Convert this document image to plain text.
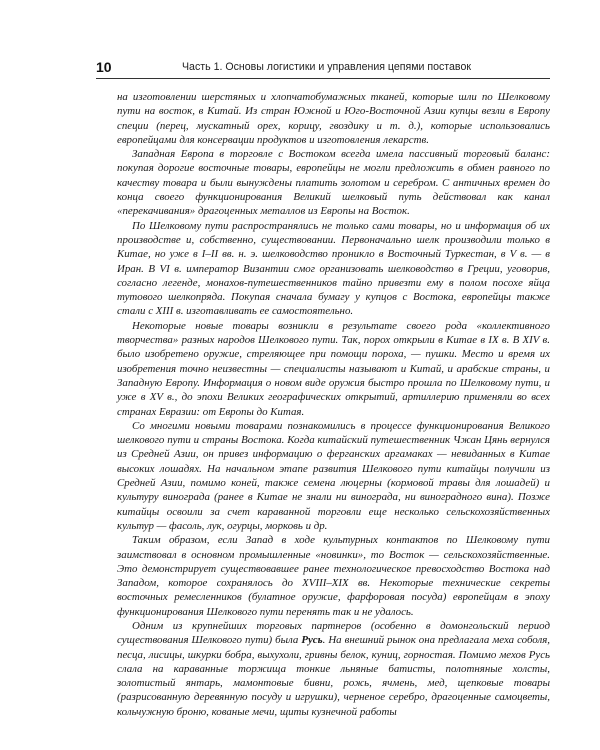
10	Часть 1. Основы логистики и управления цепями поставок

на изготовлении шерстяных и хлопчатобумажных тканей, которые шли по Шелковому пути на восток, в Китай. Из стран Южной и Юго-Восточной Азии купцы везли в Европу специи (перец, мускатный орех, корицу, гвоздику и т. д.), которые использовались европейцами для консервации продуктов и изготовления лекарств.

Западная Европа в торговле с Востоком всегда имела пассивный торговый баланс: покупая дорогие восточные товары, европейцы не могли предложить в обмен равного по качеству товара и были вынуждены платить золотом и серебром. С античных времен до конца своего функционирования Великий шелковый путь действовал как канал «перекачивания» драгоценных металлов из Европы на Восток.

По Шелковому пути распространялись не только сами товары, но и информация об их производстве и, собственно, существовании. Первоначально шелк производили только в Китае, но уже в I–II вв. н. э. шелководство проникло в Восточный Туркестан, в V в. — в Иран. В VI в. император Византии смог организовать шелководство в Греции, уговорив, согласно легенде, монахов-путешественников тайно привезти ему в полом посохе яйца тутового шелкопряда. Покупая сначала бумагу у купцов с Востока, европейцы также стали с XIII в. изготавливать ее самостоятельно.

Некоторые новые товары возникли в результате своего рода «коллективного творчества» разных народов Шелкового пути. Так, порох открыли в Китае в IX в. В XIV в. было изобретено оружие, стреляющее при помощи пороха, — пушки. Место и время их изобретения точно неизвестны — специалисты называют и Китай, и арабские страны, и Западную Европу. Информация о новом виде оружия быстро прошла по Шелковому пути, и уже в XV в., до эпохи Великих географических открытий, артиллерию применяли во всех странах Евразии: от Европы до Китая.

Со многими новыми товарами познакомились в процессе функционирования Великого шелкового пути и страны Востока. Когда китайский путешественник Чжан Цянь вернулся из Средней Азии, он привез информацию о ферганских аргамаках — невиданных в Китае высоких лошадях. На начальном этапе развития Шелкового пути китайцы получили из Средней Азии, помимо коней, также семена люцерны (кормовой травы для лошадей) и культуру винограда (ранее в Китае не знали ни винограда, ни виноградного вина). Позже китайцы освоили за счет караванной торговли еще несколько сельскохозяйственных культур — фасоль, лук, огурцы, морковь и др.

Таким образом, если Запад в ходе культурных контактов по Шелковому пути заимствовал в основном промышленные «новинки», то Восток — сельскохозяйственные. Это демонстрирует существовавшее ранее технологическое превосходство Востока над Западом, которое сохранялось до XVIII–XIX вв. Некоторые технические секреты восточных ремесленников (булатное оружие, фарфоровая посуда) европейцам в эпоху функционирования Шелкового пути перенять так и не удалось.

Одним из крупнейших торговых партнеров (особенно в домонгольский период существования Шелкового пути) была Русь. На внешний рынок она предлагала меха соболя, песца, лисицы, шкурки бобра, выхухоли, гривны белок, куниц, горностая. Помимо мехов Русь слала на караванные торжища тонкие льняные батисты, полотняные холсты, золотистый янтарь, мамонтовые бивни, рожь, ячмень, мед, щепковые товары (разрисованную деревянную посуду и игрушки), черненое серебро, драгоценные самоцветы, кольчужную броню, кованые мечи, щиты кузнечной работы
